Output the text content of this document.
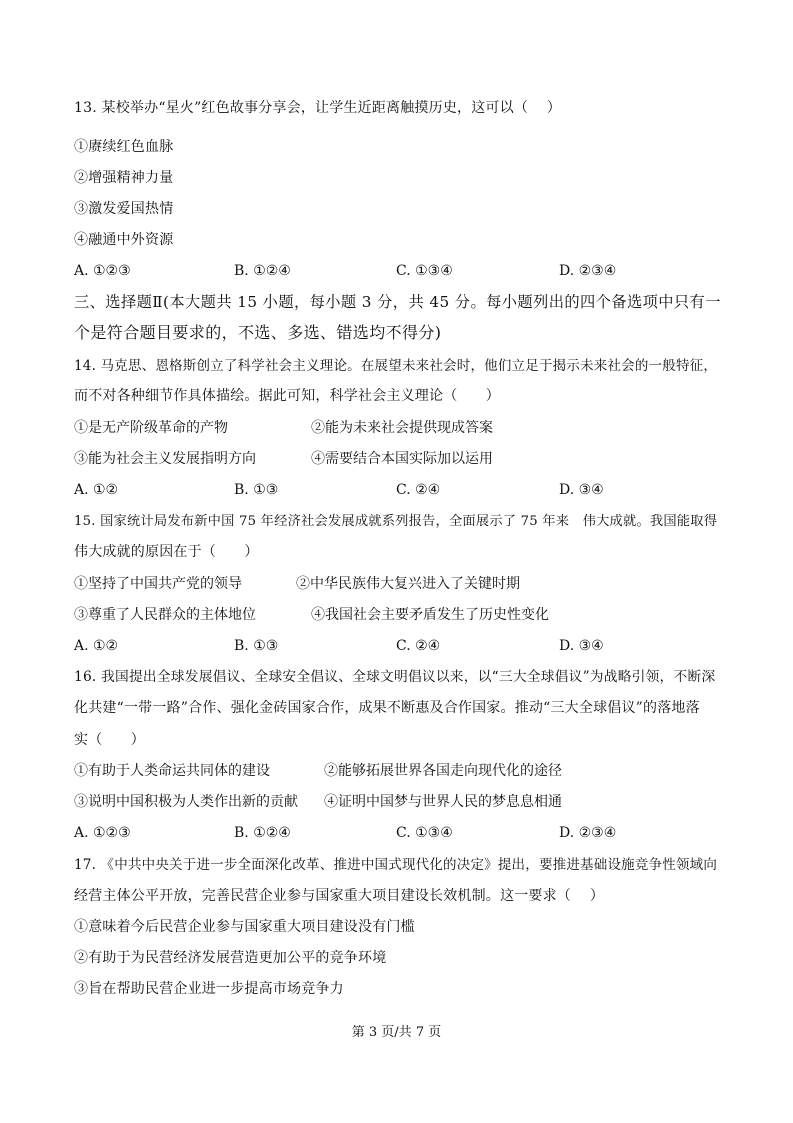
13. 某校举办“星火”红色故事分享会，让学生近距离触摸历史，这可以（　 ）
①赓续红色血脉
②增强精神力量
③激发爱国热情
④融通中外资源
A. ①②③	B. ①②④	C. ①③④	D. ②③④
三、选择题Ⅱ(本大题共 15 小题，每小题 3 分，共 45 分。每小题列出的四个备选项中只有一
个是符合题目要求的，不选、多选、错选均不得分)
14. 马克思、恩格斯创立了科学社会主义理论。在展望未来社会时，他们立足于揭示未来社会的一般特征，
而不对各种细节作具体描绘。据此可知，科学社会主义理论（　　）
①是无产阶级革命的产物	②能为未来社会提供现成答案
③能为社会主义发展指明方向	④需要结合本国实际加以运用
A. ①②	B. ①③	C. ②④	D. ③④
15. 国家统计局发布新中国 75 年经济社会发展成就系列报告，全面展示了 75 年来　伟大成就。我国能取得
伟大成就的原因在于（　　）
①坚持了中国共产党的领导	②中华民族伟大复兴进入了关键时期
③尊重了人民群众的主体地位	④我国社会主要矛盾发生了历史性变化
A. ①②	B. ①③	C. ②④	D. ③④
16. 我国提出全球发展倡议、全球安全倡议、全球文明倡议以来，以“三大全球倡议”为战略引领，不断深
化共建“一带一路”合作、强化金砖国家合作，成果不断惠及合作国家。推动“三大全球倡议”的落地落
实（　　）
①有助于人类命运共同体的建设	②能够拓展世界各国走向现代化的途径
③说明中国积极为人类作出新的贡献 ④证明中国梦与世界人民的梦息息相通
A. ①②③	B. ①②④	C. ①③④	D. ②③④
17. 《中共中央关于进一步全面深化改革、推进中国式现代化的决定》提出，要推进基础设施竞争性领域向
经营主体公平开放，完善民营企业参与国家重大项目建设长效机制。这一要求（　 ）
①意味着今后民营企业参与国家重大项目建设没有门槛
②有助于为民营经济发展营造更加公平的竞争环境
③旨在帮助民营企业进一步提高市场竞争力
第 3 页/共 7 页
